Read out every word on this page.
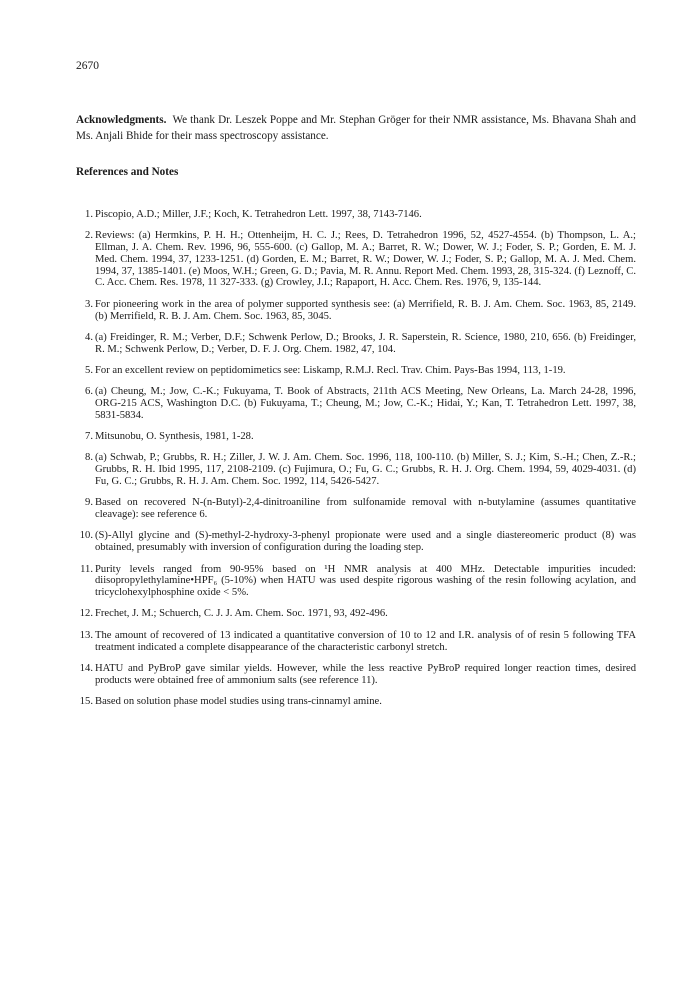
2670
Acknowledgments. We thank Dr. Leszek Poppe and Mr. Stephan Gröger for their NMR assistance, Ms. Bhavana Shah and Ms. Anjali Bhide for their mass spectroscopy assistance.
References and Notes
1 . Piscopio, A.D.; Miller, J.F.; Koch, K. Tetrahedron Lett. 1997, 38, 7143-7146.
2 . Reviews: (a) Hermkins, P. H. H.; Ottenheijm, H. C. J.; Rees, D. Tetrahedron 1996, 52, 4527-4554. (b) Thompson, L. A.; Ellman, J. A. Chem. Rev. 1996, 96, 555-600. (c) Gallop, M. A.; Barret, R. W.; Dower, W. J.; Foder, S. P.; Gorden, E. M. J. Med. Chem. 1994, 37, 1233-1251. (d) Gorden, E. M.; Barret, R. W.; Dower, W. J.; Foder, S. P.; Gallop, M. A. J. Med. Chem. 1994, 37, 1385-1401. (e) Moos, W.H.; Green, G. D.; Pavia, M. R. Annu. Report Med. Chem. 1993, 28, 315-324. (f) Leznoff, C. C. Acc. Chem. Res. 1978, 11 327-333. (g) Crowley, J.I.; Rapaport, H. Acc. Chem. Res. 1976, 9, 135-144.
3 . For pioneering work in the area of polymer supported synthesis see: (a) Merrifield, R. B. J. Am. Chem. Soc. 1963, 85, 2149. (b) Merrifield, R. B. J. Am. Chem. Soc. 1963, 85, 3045.
4 . (a) Freidinger, R. M.; Verber, D.F.; Schwenk Perlow, D.; Brooks, J. R. Saperstein, R. Science, 1980, 210, 656. (b) Freidinger, R. M.; Schwenk Perlow, D.; Verber, D. F. J. Org. Chem. 1982, 47, 104.
5 . For an excellent review on peptidomimetics see: Liskamp, R.M.J. Recl. Trav. Chim. Pays-Bas 1994, 113, 1-19.
6 . (a) Cheung, M.; Jow, C.-K.; Fukuyama, T. Book of Abstracts, 211th ACS Meeting, New Orleans, La. March 24-28, 1996, ORG-215 ACS, Washington D.C. (b) Fukuyama, T.; Cheung, M.; Jow, C.-K.; Hidai, Y.; Kan, T. Tetrahedron Lett. 1997, 38, 5831-5834.
7 . Mitsunobu, O. Synthesis, 1981, 1-28.
8 . (a) Schwab, P.; Grubbs, R. H.; Ziller, J. W. J. Am. Chem. Soc. 1996, 118, 100-110. (b) Miller, S. J.; Kim, S.-H.; Chen, Z.-R.; Grubbs, R. H. Ibid 1995, 117, 2108-2109. (c) Fujimura, O.; Fu, G. C.; Grubbs, R. H. J. Org. Chem. 1994, 59, 4029-4031. (d) Fu, G. C.; Grubbs, R. H. J. Am. Chem. Soc. 1992, 114, 5426-5427.
9 . Based on recovered N-(n-Butyl)-2,4-dinitroaniline from sulfonamide removal with n-butylamine (assumes quantitative cleavage): see reference 6.
10 . (S)-Allyl glycine and (S)-methyl-2-hydroxy-3-phenyl propionate were used and a single diastereomeric product (8) was obtained, presumably with inversion of configuration during the loading step.
11 . Purity levels ranged from 90-95% based on ¹H NMR analysis at 400 MHz. Detectable impurities incuded: diisopropylethylamine•HPF₆ (5-10%) when HATU was used despite rigorous washing of the resin following acylation, and tricyclohexylphosphine oxide < 5%.
12 . Frechet, J. M.; Schuerch, C. J. J. Am. Chem. Soc. 1971, 93, 492-496.
13 . The amount of recovered of 13 indicated a quantitative conversion of 10 to 12 and I.R. analysis of of resin 5 following TFA treatment indicated a complete disappearance of the characteristic carbonyl stretch.
14 . HATU and PyBroP gave similar yields. However, while the less reactive PyBroP required longer reaction times, desired products were obtained free of ammonium salts (see reference 11).
15 . Based on solution phase model studies using trans-cinnamyl amine.
